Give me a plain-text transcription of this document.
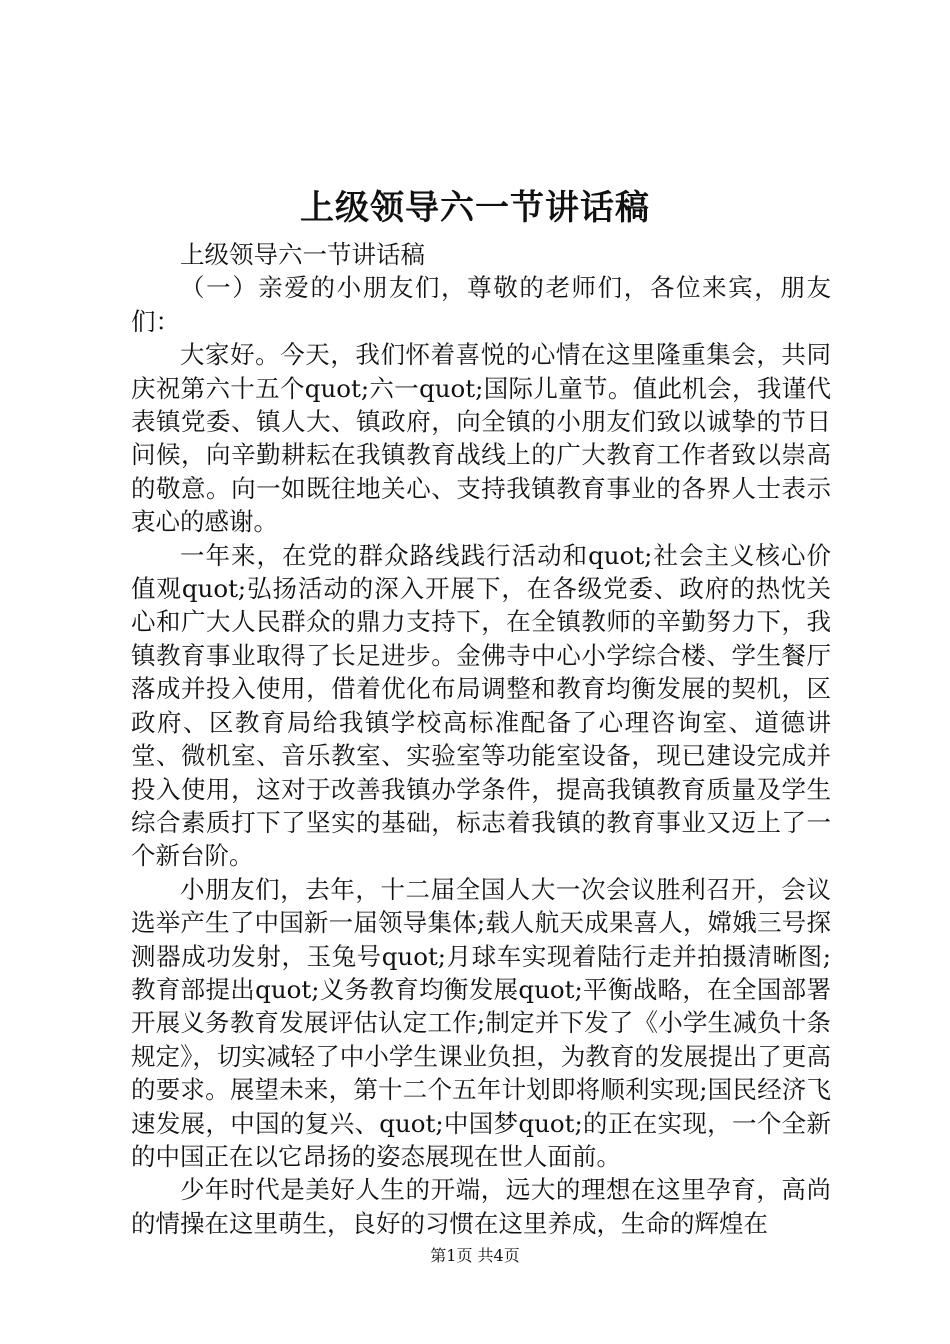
上级领导六一节讲话稿

上级领导六一节讲话稿

（一）亲爱的小朋友们，尊敬的老师们，各位来宾，朋友们：

大家好。今天，我们怀着喜悦的心情在这里隆重集会，共同庆祝第六十五个quot;六一quot;国际儿童节。值此机会，我谨代表镇党委、镇人大、镇政府，向全镇的小朋友们致以诚挚的节日问候，向辛勤耕耘在我镇教育战线上的广大教育工作者致以崇高的敬意。向一如既往地关心、支持我镇教育事业的各界人士表示衷心的感谢。

一年来，在党的群众路线践行活动和quot;社会主义核心价值观quot;弘扬活动的深入开展下，在各级党委、政府的热忱关心和广大人民群众的鼎力支持下，在全镇教师的辛勤努力下，我镇教育事业取得了长足进步。金佛寺中心小学综合楼、学生餐厅落成并投入使用，借着优化布局调整和教育均衡发展的契机，区政府、区教育局给我镇学校高标准配备了心理咨询室、道德讲堂、微机室、音乐教室、实验室等功能室设备，现已建设完成并投入使用，这对于改善我镇办学条件，提高我镇教育质量及学生综合素质打下了坚实的基础，标志着我镇的教育事业又迈上了一个新台阶。

小朋友们，去年，十二届全国人大一次会议胜利召开，会议选举产生了中国新一届领导集体;载人航天成果喜人，嫦娥三号探测器成功发射，玉兔号quot;月球车实现着陆行走并拍摄清晰图;教育部提出quot;义务教育均衡发展quot;平衡战略，在全国部署开展义务教育发展评估认定工作;制定并下发了《小学生减负十条规定》，切实减轻了中小学生课业负担，为教育的发展提出了更高的要求。展望未来，第十二个五年计划即将顺利实现;国民经济飞速发展，中国的复兴、quot;中国梦quot;的正在实现，一个全新的中国正在以它昂扬的姿态展现在世人面前。

少年时代是美好人生的开端，远大的理想在这里孕育，高尚的情操在这里萌生，良好的习惯在这里养成，生命的辉煌在

第1页 共4页
